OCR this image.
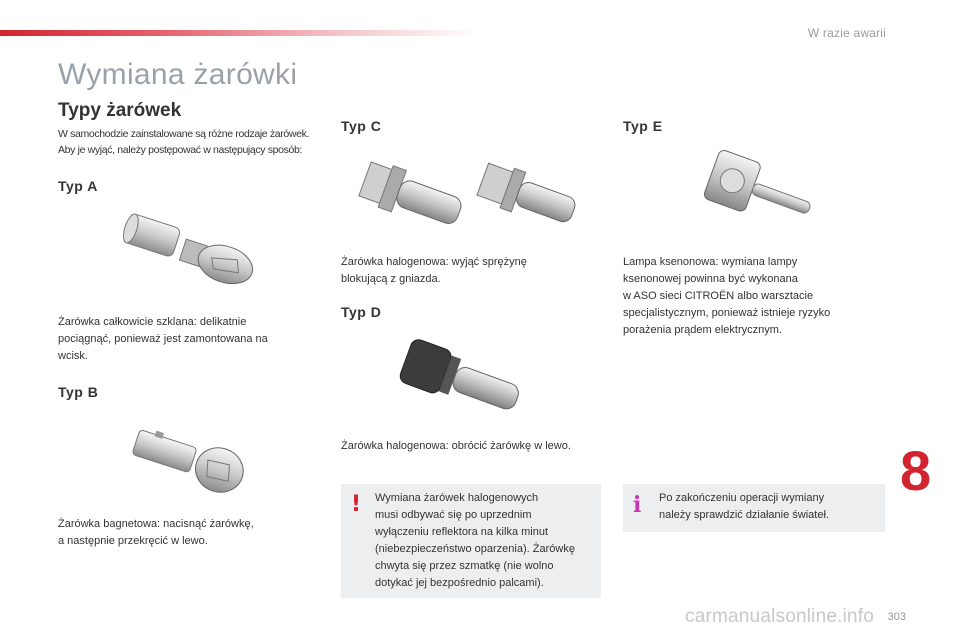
W razie awarii
Wymiana żarówki
Typy żarówek
W samochodzie zainstalowane są różne rodzaje żarówek.
Aby je wyjąć, należy postępować w następujący sposób:
Typ A
Żarówka całkowicie szklana: delikatnie
pociągnąć, ponieważ jest zamontowana na
wcisk.
Typ B
Żarówka bagnetowa: nacisnąć żarówkę,
a następnie przekręcić w lewo.
Typ C
Żarówka halogenowa: wyjąć sprężynę
blokującą z gniazda.
Typ D
Żarówka halogenowa: obrócić żarówkę w lewo.
Typ E
Lampa ksenonowa: wymiana lampy
ksenonowej powinna być wykonana
w ASO sieci CITROËN albo warsztacie
specjalistycznym, ponieważ istnieje ryzyko
porażenia prądem elektrycznym.
! Wymiana żarówek halogenowych
musi odbywać się po uprzednim
wyłączeniu reflektora na kilka minut
(niebezpieczeństwo oparzenia). Żarówkę
chwyta się przez szmatkę (nie wolno
dotykać jej bezpośrednio palcami).
i Po zakończeniu operacji wymiany
należy sprawdzić działanie świateł.
8
carmanualsonline.info 303
